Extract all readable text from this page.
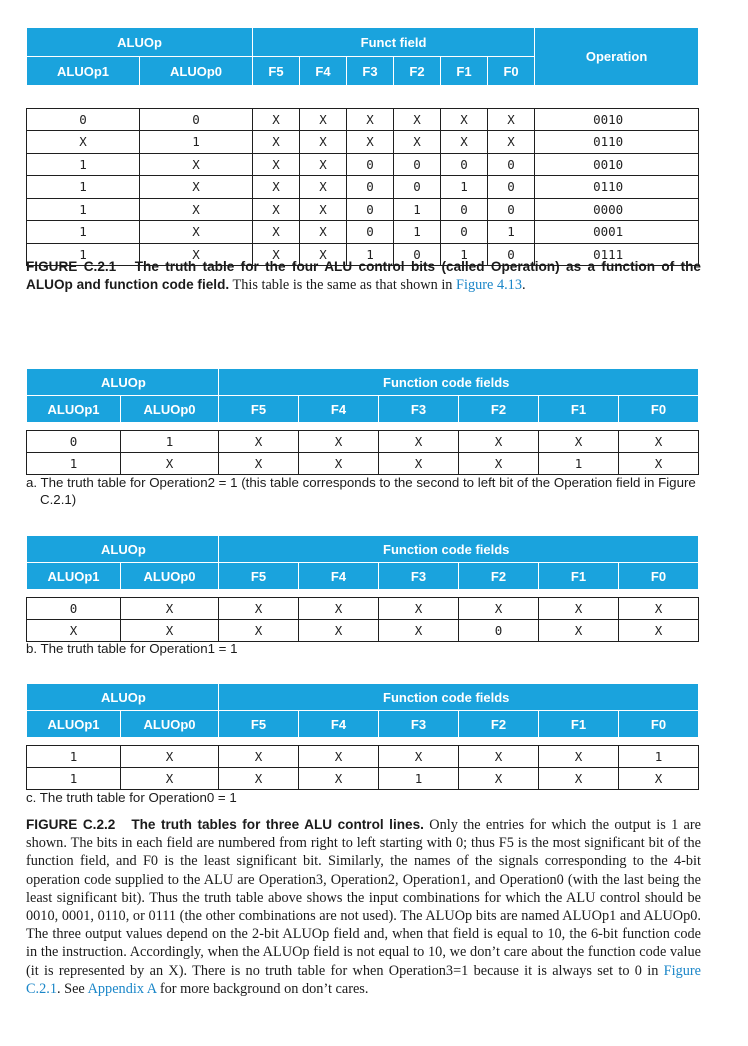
ALUOp		Funct field						Operation
ALUOp1	ALUOp0	F5	F4	F3	F2	F1	F0	

0	0	X	X	X	X	X	X	0010
X	1	X	X	X	X	X	X	0110
1	X	X	X	0	0	0	0	0010
1	X	X	X	0	0	1	0	0110
1	X	X	X	0	1	0	0	0000
1	X	X	X	0	1	0	1	0001
1	X	X	X	1	0	1	0	0111
FIGURE C.2.1 The truth table for the four ALU control bits (called Operation) as a function of the ALUOp and function code field. This table is the same as that shown in Figure 4.13.
ALUOp		Function code fields					
ALUOp1	ALUOp0	F5	F4	F3	F2	F1	F0

0	1	X	X	X	X	X	X
1	X	X	X	X	X	1	X
a. The truth table for Operation2 = 1 (this table corresponds to the second to left bit of the Operation field in Figure C.2.1)
ALUOp		Function code fields					
ALUOp1	ALUOp0	F5	F4	F3	F2	F1	F0

0	X	X	X	X	X	X	X
X	X	X	X	X	0	X	X
b. The truth table for Operation1 = 1
ALUOp		Function code fields					
ALUOp1	ALUOp0	F5	F4	F3	F2	F1	F0

1	X	X	X	X	X	X	1
1	X	X	X	1	X	X	X
c. The truth table for Operation0 = 1
FIGURE C.2.2 The truth tables for three ALU control lines. Only the entries for which the output is 1 are shown. The bits in each field are numbered from right to left starting with 0; thus F5 is the most significant bit of the function field, and F0 is the least significant bit. Similarly, the names of the signals corresponding to the 4-bit operation code supplied to the ALU are Operation3, Operation2, Operation1, and Operation0 (with the last being the least significant bit). Thus the truth table above shows the input combinations for which the ALU control should be 0010, 0001, 0110, or 0111 (the other combinations are not used). The ALUOp bits are named ALUOp1 and ALUOp0. The three output values depend on the 2-bit ALUOp field and, when that field is equal to 10, the 6-bit function code in the instruction. Accordingly, when the ALUOp field is not equal to 10, we don’t care about the function code value (it is represented by an X). There is no truth table for when Operation3=1 because it is always set to 0 in Figure C.2.1. See Appendix A for more background on don’t cares.
